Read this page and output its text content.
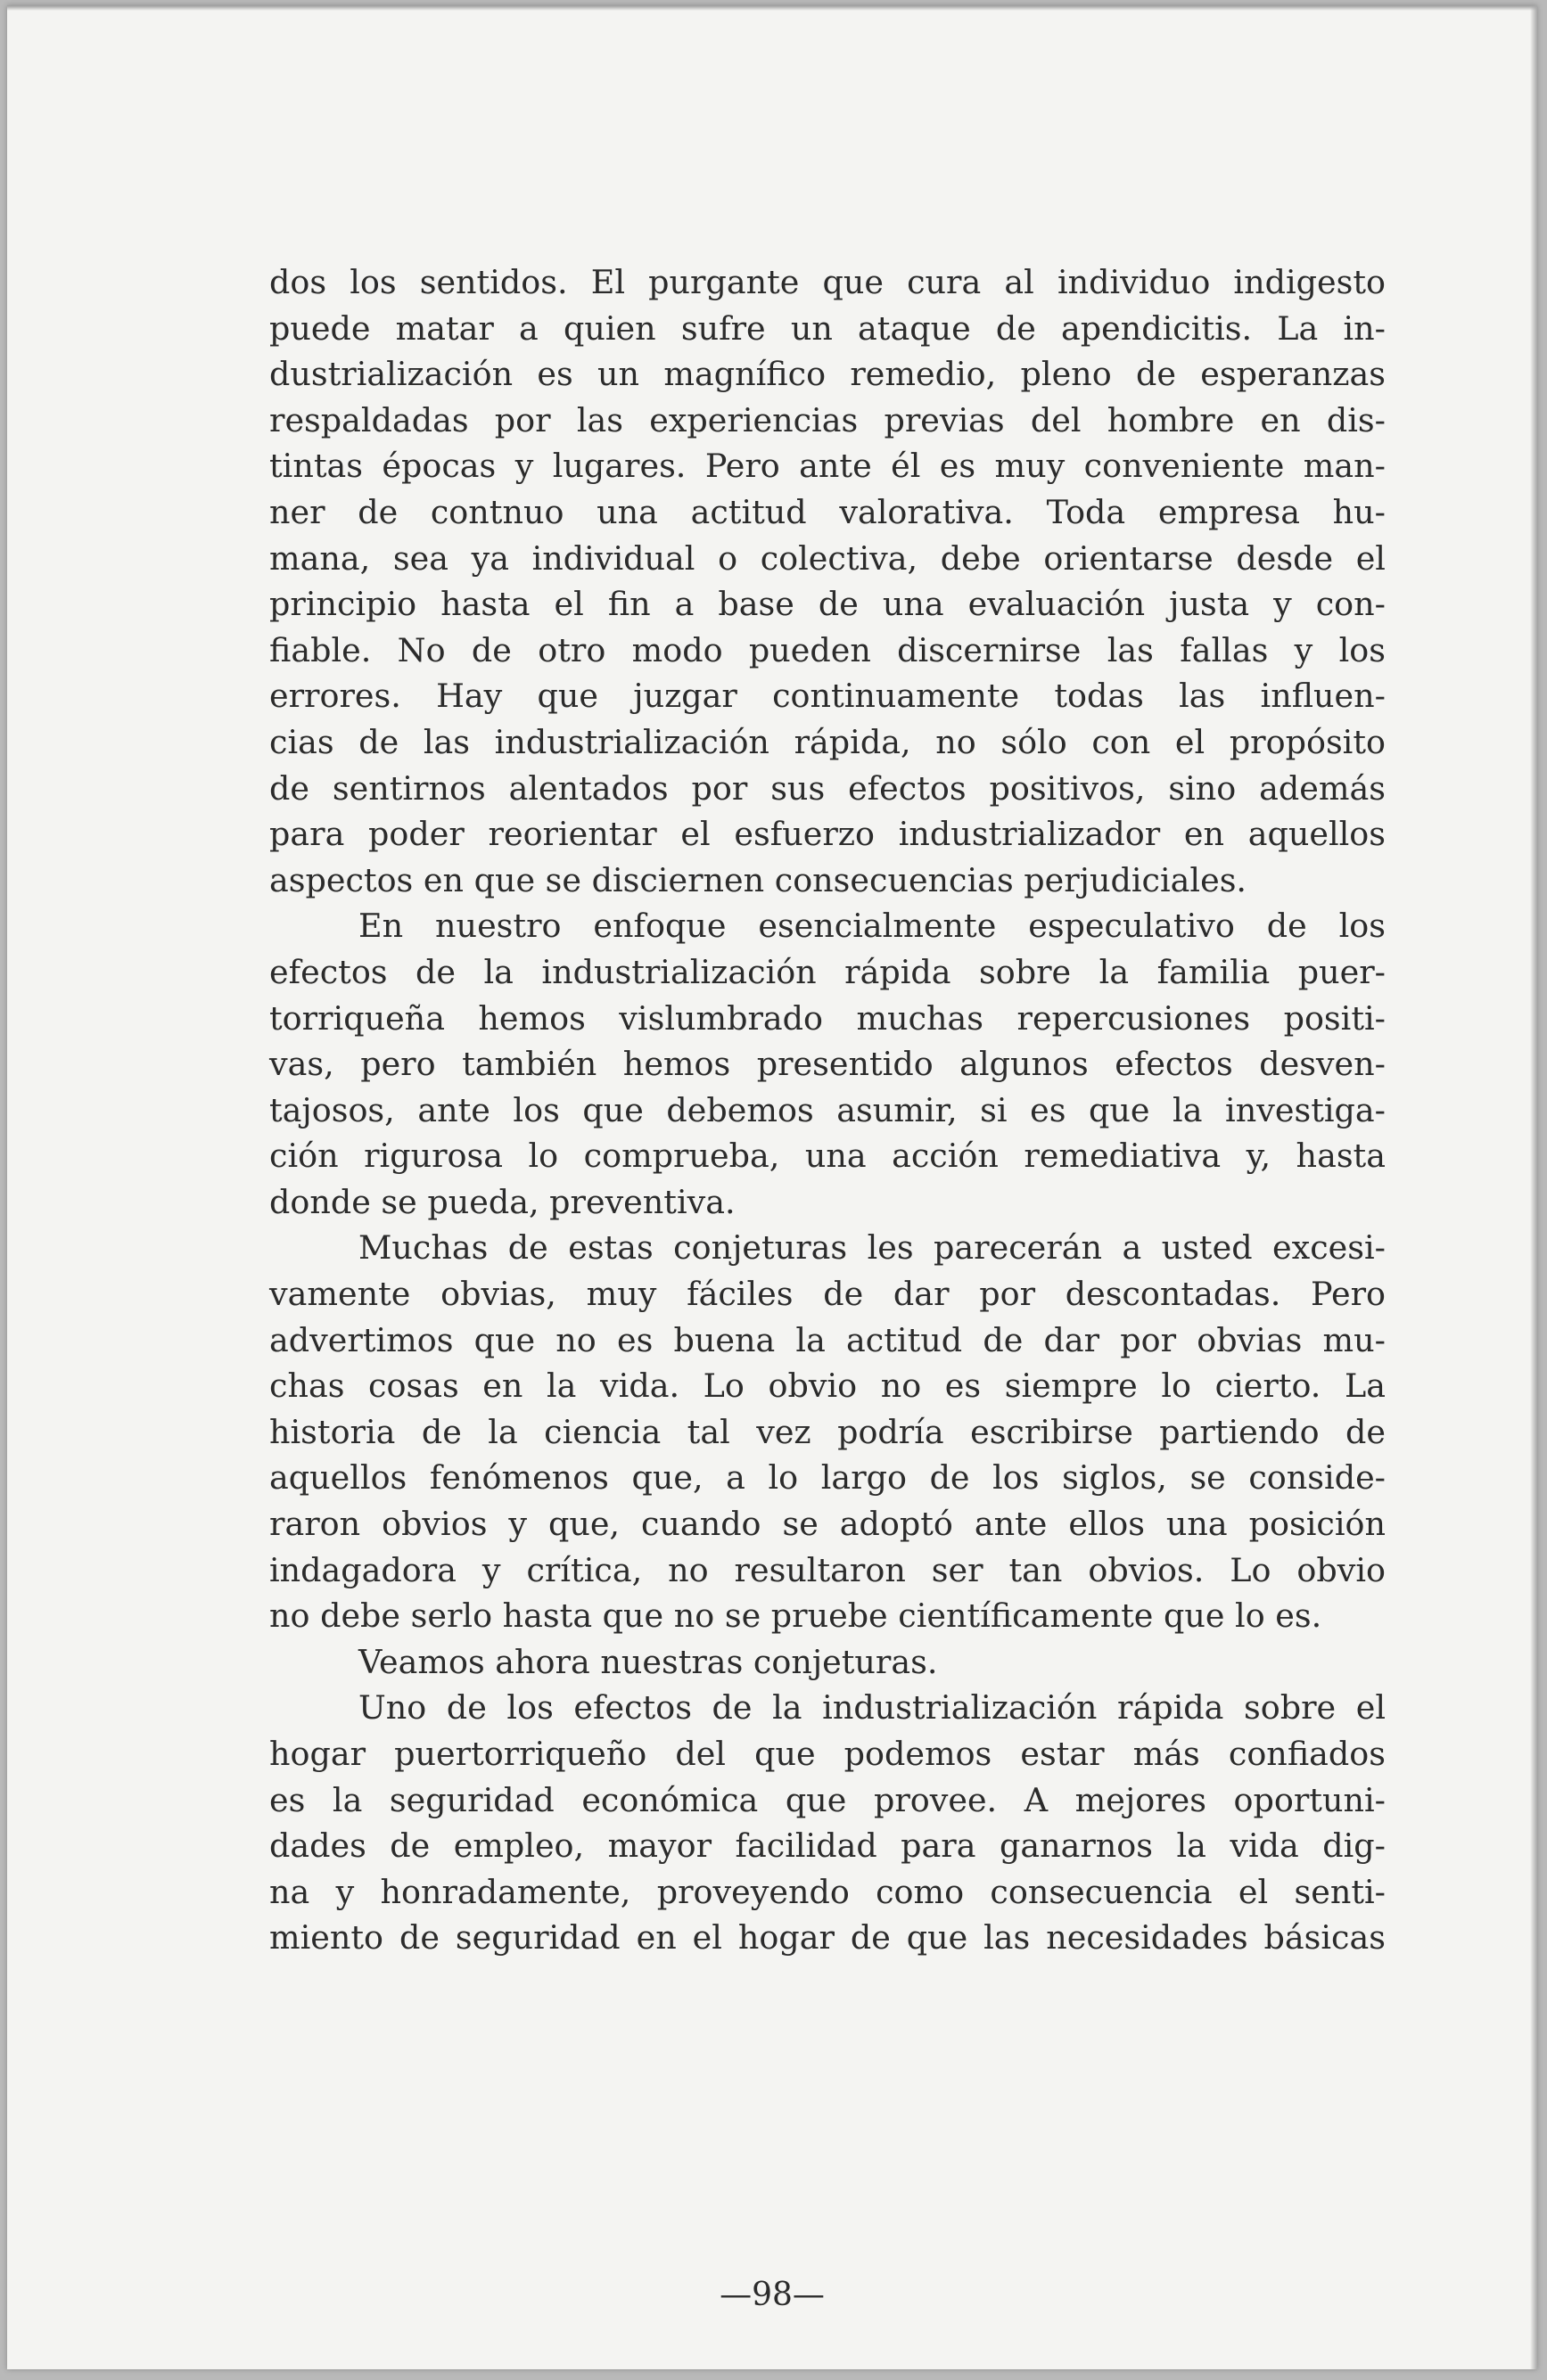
dos los sentidos. El purgante que cura al individuo indigesto
puede matar a quien sufre un ataque de apendicitis. La in-
dustrialización es un magnífico remedio, pleno de esperanzas
respaldadas por las experiencias previas del hombre en dis-
tintas épocas y lugares. Pero ante él es muy conveniente man-
ner de contnuo una actitud valorativa. Toda empresa hu-
mana, sea ya individual o colectiva, debe orientarse desde el
principio hasta el fin a base de una evaluación justa y con-
fiable. No de otro modo pueden discernirse las fallas y los
errores. Hay que juzgar continuamente todas las influen-
cias de las industrialización rápida, no sólo con el propósito
de sentirnos alentados por sus efectos positivos, sino además
para poder reorientar el esfuerzo industrializador en aquellos
aspectos en que se disciernen consecuencias perjudiciales.
En nuestro enfoque esencialmente especulativo de los
efectos de la industrialización rápida sobre la familia puer-
torriqueña hemos vislumbrado muchas repercusiones positi-
vas, pero también hemos presentido algunos efectos desven-
tajosos, ante los que debemos asumir, si es que la investiga-
ción rigurosa lo comprueba, una acción remediativa y, hasta
donde se pueda, preventiva.
Muchas de estas conjeturas les parecerán a usted excesi-
vamente obvias, muy fáciles de dar por descontadas. Pero
advertimos que no es buena la actitud de dar por obvias mu-
chas cosas en la vida. Lo obvio no es siempre lo cierto. La
historia de la ciencia tal vez podría escribirse partiendo de
aquellos fenómenos que, a lo largo de los siglos, se conside-
raron obvios y que, cuando se adoptó ante ellos una posición
indagadora y crítica, no resultaron ser tan obvios. Lo obvio
no debe serlo hasta que no se pruebe científicamente que lo es.
Veamos ahora nuestras conjeturas.
Uno de los efectos de la industrialización rápida sobre el
hogar puertorriqueño del que podemos estar más confiados
es la seguridad económica que provee. A mejores oportuni-
dades de empleo, mayor facilidad para ganarnos la vida dig-
na y honradamente, proveyendo como consecuencia el senti-
miento de seguridad en el hogar de que las necesidades básicas
—98—
